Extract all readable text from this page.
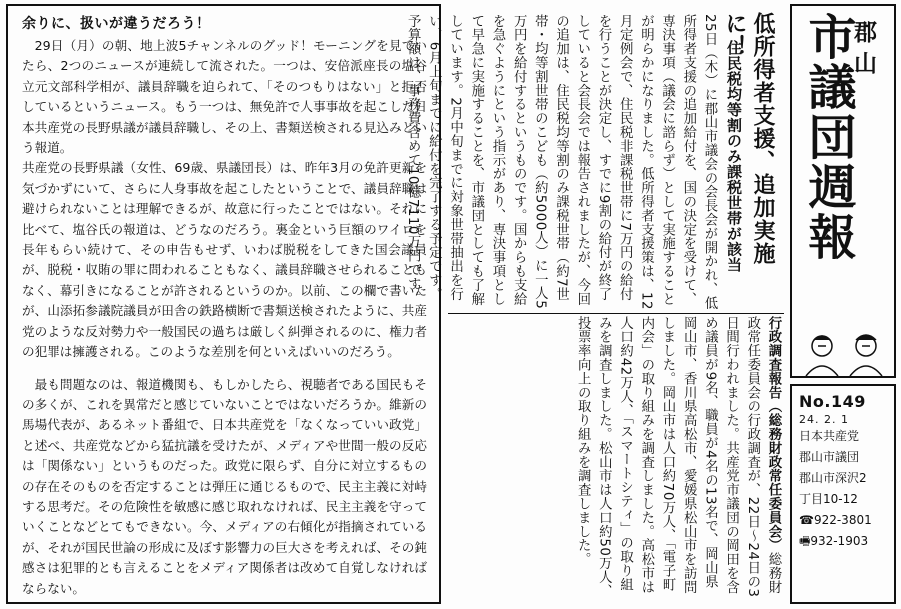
余りに、扱いが違うだろう！

29日（月）の朝、地上波5チャンネルのグッド！モーニングを見ていたら、2つのニュースが連続して流された。一つは、安倍派座長の塩谷立元文部科学相が、議員辞職を迫られて、「そのつもりはない」と拒否しているというニュース。もう一つは、無免許で人事事故を起こした日本共産党の長野県議が議員辞職し、その上、書類送検される見込みという報道。

共産党の長野県議（女性、69歳、県議団長）は、昨年3月の免許更新を気づかずにいて、さらに人身事故を起こしたということで、議員辞職は避けられないことは理解できるが、故意に行ったことではない。それに比べて、塩谷氏の報道は、どうなのだろう。裏金という巨額のワイロを長年もらい続けて、その申告もせず、いわば脱税をしてきた国会議員が、脱税・収賄の罪に問われることもなく、議員辞職させられることもなく、幕引きになることが許されるというのか。以前、この欄で書いたが、山添拓参議院議員が田舎の鉄路横断で書類送検されたように、共産党のような反対勢力や一般国民の過ちは厳しく糾弾されるのに、権力者の犯罪は擁護される。このような差別を何といえばいいのだろう。

最も問題なのは、報道機関も、もしかしたら、視聴者である国民もその多くが、これを異常だと感じていないことではないだろうか。維新の馬場代表が、あるネット番組で、日本共産党を「なくなっていい政党」と述べ、共産党などから猛抗議を受けたが、メディアや世間一般の反応は「関係ない」というものだった。政党に限らず、自分に対立するものの存在そのものを否定することは弾圧に通じるもので、民主主義に対峙する思考だ。その危険性を敏感に感じ取れなければ、民主主義を守っていくことなどとてもできない。今、メディアの右傾化が指摘されているが、それが国民世論の形成に及ぼす影響力の巨大さを考えれば、その鈍感さは犯罪的とも言えることをメディア関係者は改めて自覚しなければならない。

低所得者支援、追加実施に！
住民税均等割のみ課税世帯が該当
25日（木）に郡山市議会の会長会が開かれ、低所得者支援の追加給付を、国の決定を受けて、専決事項（議会に諮らず）として実施することが明らかになりました。低所得者支援策は、12月定例会で、住民税非課税世帯に7万円の給付を行うことが決定し、すでに9割の給付が終了していると会長会では報告されましたが、今回の追加は、住民税均等割のみ課税世帯（約7世帯・均等割世帯のこども（約5000人）に一人5万円を給付するというものです。国からも支給を急ぐようにという指示があり、専決事項として早急に実施することを、市議団としても了解しています。2月中旬までに対象世帯抽出を行い、6月上旬までに給付を完了する予定です。予算額は、事務費含めて10億7110万円です。
行政調査報告（総務財政常任委員会）総務財政常任委員会の行政調査が、22日～24日の3日間行われました。共産党市議団の岡田を含め議員が9名、職員が4名の13名で、岡山県岡山市、香川県高松市、愛媛県松山市を訪問しました。岡山市は人口約70万人、「電子町内会」の取り組みを調査しました。高松市は人口約42万人、「スマートシティ」の取り組みを調査しました。松山市は人口約50万人、投票率向上の取り組みを調査しました。
郡山
市議団週報
No.149
24. 2. 1
日本共産党
郡山市議団
郡山市深沢2
丁目10-12
☎922-3801
🖷932-1903
